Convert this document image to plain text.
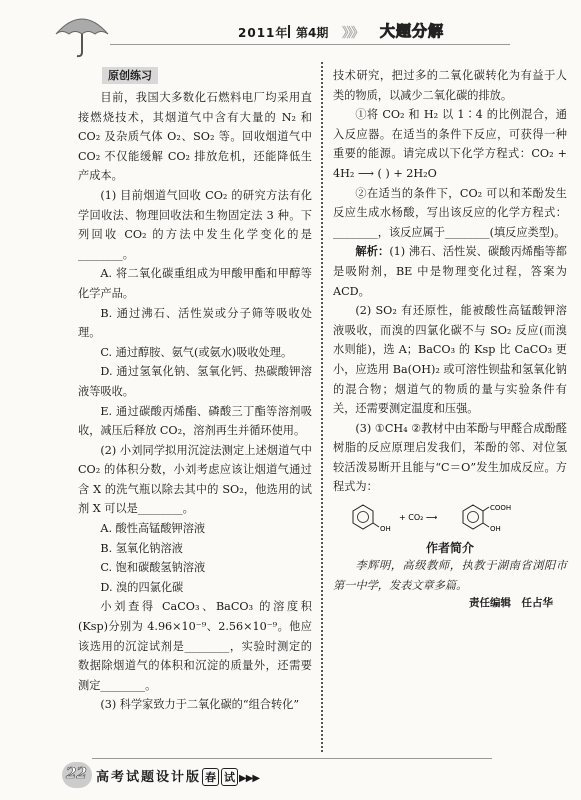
2011年 第4期 》》》 大题分解
原创练习

目前，我国大多数化石燃料电厂均采用直接燃烧技术，其烟道气中含有大量的 N₂ 和 CO₂ 及杂质气体 O₂、SO₂ 等。回收烟道气中 CO₂ 不仅能缓解 CO₂ 排放危机，还能降低生产成本。

(1) 目前烟道气回收 CO₂ 的研究方法有化学回收法、物理回收法和生物固定法 3 种。下列回收 CO₂ 的方法中发生化学变化的是________。

A. 将二氧化碳重组成为甲酸甲酯和甲醇等化学产品。

B. 通过沸石、活性炭或分子筛等吸收处理。

C. 通过醇胺、氨气(或氨水)吸收处理。

D. 通过氢氧化钠、氢氧化钙、热碳酸钾溶液等吸收。

E. 通过碳酸丙烯酯、磷酸三丁酯等溶剂吸收，减压后释放 CO₂，溶剂再生并循环使用。

(2) 小刘同学拟用沉淀法测定上述烟道气中 CO₂ 的体积分数，小刘考虑应该让烟道气通过含 X 的洗气瓶以除去其中的 SO₂，他选用的试剂 X 可以是________。

A. 酸性高锰酸钾溶液

B. 氢氧化钠溶液

C. 饱和碳酸氢钠溶液

D. 溴的四氯化碳

小刘查得 CaCO₃、BaCO₃ 的溶度积(Ksp)分别为 4.96×10⁻⁹、2.56×10⁻⁹。他应该选用的沉淀试剂是________，实验时测定的数据除烟道气的体积和沉淀的质量外，还需要测定________。

(3) 科学家致力于二氧化碳的“组合转化”

技术研究，把过多的二氧化碳转化为有益于人类的物质，以减少二氧化碳的排放。

①将 CO₂ 和 H₂ 以 1∶4 的比例混合，通入反应器。在适当的条件下反应，可获得一种重要的能源。请完成以下化学方程式：CO₂ + 4H₂ ⟶ ( ) + 2H₂O

②在适当的条件下，CO₂ 可以和苯酚发生反应生成水杨酸，写出该反应的化学方程式：________，该反应属于________(填反应类型)。

解析：(1) 沸石、活性炭、碳酸丙烯酯等都是吸附剂，BE 中是物理变化过程，答案为 ACD。

(2) SO₂ 有还原性，能被酸性高锰酸钾溶液吸收，而溴的四氯化碳不与 SO₂ 反应(而溴水则能)，选 A；BaCO₃ 的 Ksp 比 CaCO₃ 更小，应选用 Ba(OH)₂ 或可溶性钡盐和氢氧化钠的混合物；烟道气的物质的量与实验条件有关，还需要测定温度和压强。

(3) ①CH₄ ②教材中由苯酚与甲醛合成酚醛树脂的反应原理启发我们，苯酚的邻、对位氢较活泼易断开且能与“C＝O”发生加成反应。方程式为：

OH
+ CO₂ ⟶
COOH
OH

作者简介

李辉明，高级教师，执教于湖南省浏阳市第一中学，发表文章多篇。

责任编辑　任占华

22 高考试题设计版 春 试 ▶▶▶
